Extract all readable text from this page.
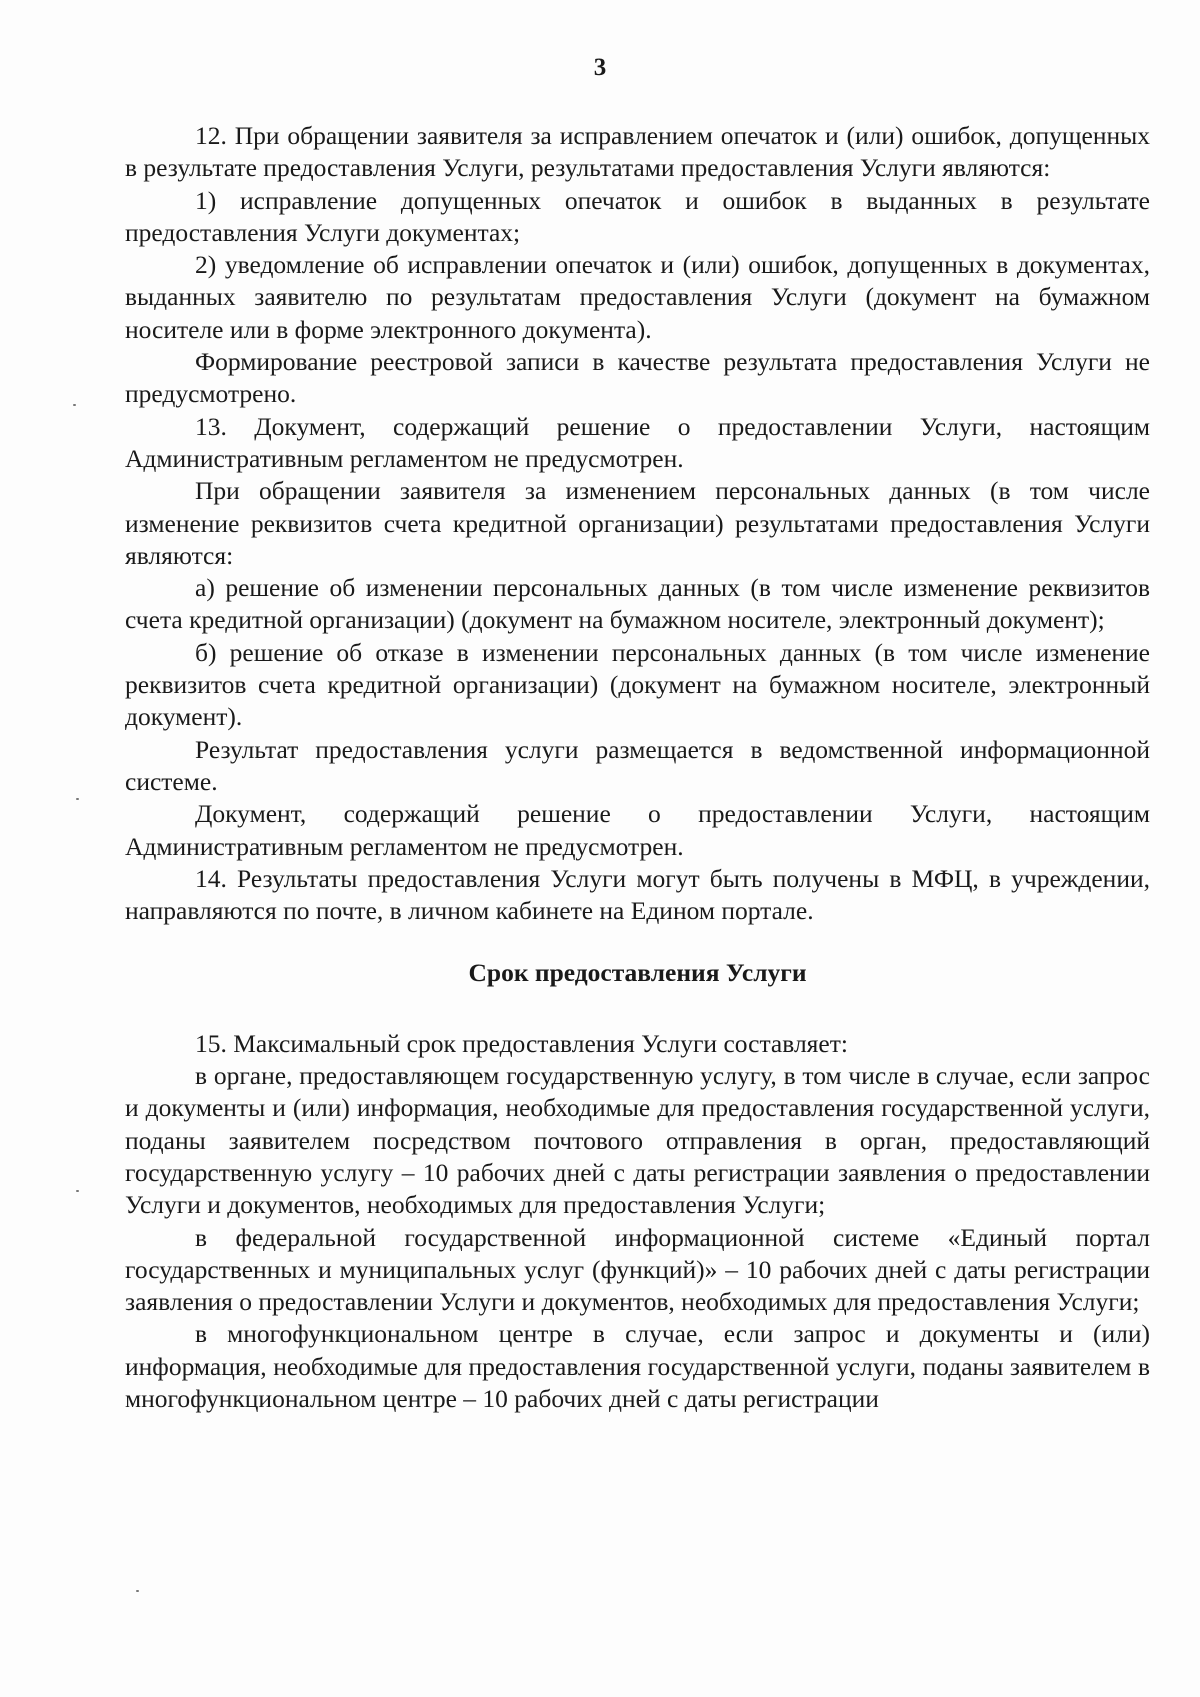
3

12. При обращении заявителя за исправлением опечаток и (или) ошибок, допущенных в результате предоставления Услуги, результатами предоставления Услуги являются:

1) исправление допущенных опечаток и ошибок в выданных в результате предоставления Услуги документах;

2) уведомление об исправлении опечаток и (или) ошибок, допущенных в документах, выданных заявителю по результатам предоставления Услуги (документ на бумажном носителе или в форме электронного документа).

Формирование реестровой записи в качестве результата предоставления Услуги не предусмотрено.

13. Документ, содержащий решение о предоставлении Услуги, настоящим Административным регламентом не предусмотрен.

При обращении заявителя за изменением персональных данных (в том числе изменение реквизитов счета кредитной организации) результатами предоставления Услуги являются:

а) решение об изменении персональных данных (в том числе изменение реквизитов счета кредитной организации) (документ на бумажном носителе, электронный документ);

б) решение об отказе в изменении персональных данных (в том числе изменение реквизитов счета кредитной организации) (документ на бумажном носителе, электронный документ).

Результат предоставления услуги размещается в ведомственной информационной системе.

Документ, содержащий решение о предоставлении Услуги, настоящим Административным регламентом не предусмотрен.

14. Результаты предоставления Услуги могут быть получены в МФЦ, в учреждении, направляются по почте, в личном кабинете на Едином портале.

Срок предоставления Услуги

15. Максимальный срок предоставления Услуги составляет:

в органе, предоставляющем государственную услугу, в том числе в случае, если запрос и документы и (или) информация, необходимые для предоставления государственной услуги, поданы заявителем посредством почтового отправления в орган, предоставляющий государственную услугу – 10 рабочих дней с даты регистрации заявления о предоставлении Услуги и документов, необходимых для предоставления Услуги;

в федеральной государственной информационной системе «Единый портал государственных и муниципальных услуг (функций)» – 10 рабочих дней с даты регистрации заявления о предоставлении Услуги и документов, необходимых для предоставления Услуги;

в многофункциональном центре в случае, если запрос и документы и (или) информация, необходимые для предоставления государственной услуги, поданы заявителем в многофункциональном центре – 10 рабочих дней с даты регистрации
